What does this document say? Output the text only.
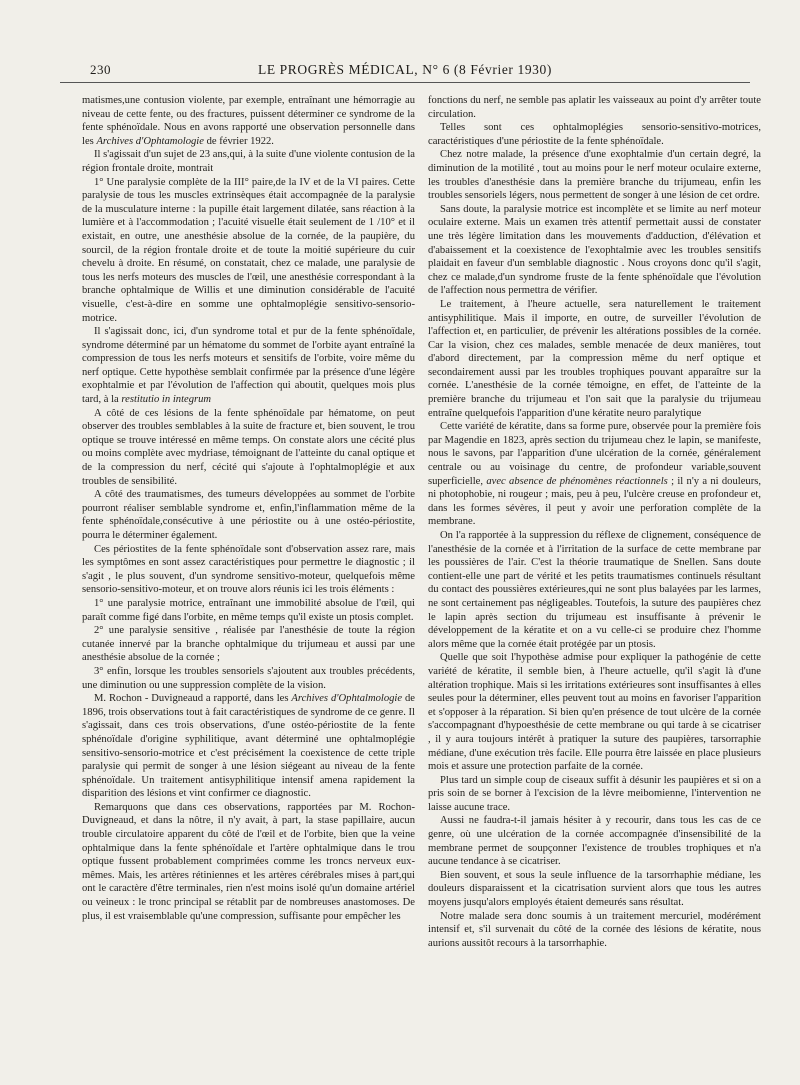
230	LE PROGRÈS MÉDICAL, N° 6 (8 Février 1930)

matismes,une contusion violente, par exemple, entraînant une hémorragie au niveau de cette fente, ou des fractures, puissent déterminer ce syndrome de la fente sphénoïdale. Nous en avons rapporté une observation personnelle dans les Archives d'Ophtamologie de février 1922.

Il s'agissait d'un sujet de 23 ans,qui, à la suite d'une violente contusion de la région frontale droite, montrait

1° Une paralysie complète de la III° paire,de la IV et de la VI paires. Cette paralysie de tous les muscles extrinsèques était accompagnée de la paralysie de la musculature interne : la pupille était largement dilatée, sans réaction à la lumière et à l'accommodation ; l'acuité visuelle était seulement de 1 /10° et il existait, en outre, une anesthésie absolue de la cornée, de la paupière, du sourcil, de la région frontale droite et de toute la moitié supérieure du cuir chevelu à droite. En résumé, on constatait, chez ce malade, une paralysie de tous les nerfs moteurs des muscles de l'œil, une anesthésie correspondant à la branche ophtalmique de Willis et une diminution considérable de l'acuité visuelle, c'est-à-dire en somme une ophtalmoplégie sensitivo-sensorio-motrice.

Il s'agissait donc, ici, d'un syndrome total et pur de la fente sphénoïdale, syndrome déterminé par un hématome du sommet de l'orbite ayant entraîné la compression de tous les nerfs moteurs et sensitifs de l'orbite, voire même du nerf optique. Cette hypothèse semblait confirmée par la présence d'une légère exophtalmie et par l'évolution de l'affection qui aboutit, quelques mois plus tard, à la restitutio in integrum

A côté de ces lésions de la fente sphénoïdale par hématome, on peut observer des troubles semblables à la suite de fracture et, bien souvent, le trou optique se trouve intéressé en même temps. On constate alors une cécité plus ou moins complète avec mydriase, témoignant de l'atteinte du canal optique et de la compression du nerf, cécité qui s'ajoute à l'ophtalmoplégie et aux troubles de sensibilité.

A côté des traumatismes, des tumeurs développées au sommet de l'orbite pourront réaliser semblable syndrome et, enfin,l'inflammation même de la fente sphénoïdale,consécutive à une périostite ou à une ostéo-périostite, pourra le déterminer également.

Ces périostites de la fente sphénoïdale sont d'observation assez rare, mais les symptômes en sont assez caractéristiques pour permettre le diagnostic ; il s'agit , le plus souvent, d'un syndrome sensitivo-moteur, quelquefois même sensorio-sensitivo-moteur, et on trouve alors réunis ici les trois éléments :

1° une paralysie motrice, entraînant une immobilité absolue de l'œil, qui paraît comme figé dans l'orbite, en même temps qu'il existe un ptosis complet.

2° une paralysie sensitive , réalisée par l'anesthésie de toute la région cutanée innervé par la branche ophtalmique du trijumeau et aussi par une anesthésie absolue de la cornée ;

3° enfin, lorsque les troubles sensoriels s'ajoutent aux troubles précédents, une diminution ou une suppression complète de la vision.

M. Rochon - Duvigneaud a rapporté, dans les Archives d'Ophtalmologie de 1896, trois observations tout à fait caractéristiques de syndrome de ce genre. Il s'agissait, dans ces trois observations, d'une ostéo-périostite de la fente sphénoïdale d'origine syphilitique, avant déterminé une ophtalmoplégie sensitivo-sensorio-motrice et c'est précisément la coexistence de cette triple paralysie qui permit de songer à une lésion siégeant au niveau de la fente sphénoïdale. Un traitement antisyphilitique intensif amena rapidement la disparition des lésions et vint confirmer ce diagnostic.

Remarquons que dans ces observations, rapportées par M. Rochon-Duvigneaud, et dans la nôtre, il n'y avait, à part, la stase papillaire, aucun trouble circulatoire apparent du côté de l'œil et de l'orbite, bien que la veine ophtalmique dans la fente sphénoïdale et l'artère ophtalmique dans le trou optique fussent probablement comprimées comme les troncs nerveux eux-mêmes. Mais, les artères rétiniennes et les artères cérébrales mises à part,qui ont le caractère d'être terminales, rien n'est moins isolé qu'un domaine artériel ou veineux : le tronc principal se rétablit par de nombreuses anastomoses. De plus, il est vraisemblable qu'une compression, suffisante pour empêcher les

fonctions du nerf, ne semble pas aplatir les vaisseaux au point d'y arrêter toute circulation.

Telles sont ces ophtalmoplégies sensorio-sensitivo-motrices, caractéristiques d'une périostite de la fente sphénoïdale.

Chez notre malade, la présence d'une exophtalmie d'un certain degré, la diminution de la motilité , tout au moins pour le nerf moteur oculaire externe, les troubles d'anesthésie dans la première branche du trijumeau, enfin les troubles sensoriels légers, nous permettent de songer à une lésion de cet ordre.

Sans doute, la paralysie motrice est incomplète et se limite au nerf moteur oculaire externe. Mais un examen très attentif permettait aussi de constater une très légère limitation dans les mouvements d'adduction, d'élévation et d'abaissement et la coexistence de l'exophtalmie avec les troubles sensitifs plaidait en faveur d'un semblable diagnostic . Nous croyons donc qu'il s'agit, chez ce malade,d'un syndrome fruste de la fente sphénoïdale que l'évolution de l'affection nous permettra de vérifier.

Le traitement, à l'heure actuelle, sera naturellement le traitement antisyphilitique. Mais il importe, en outre, de surveiller l'évolution de l'affection et, en particulier, de prévenir les altérations possibles de la cornée. Car la vision, chez ces malades, semble menacée de deux manières, tout d'abord directement, par la compression même du nerf optique et secondairement aussi par les troubles trophiques pouvant apparaître sur la cornée. L'anesthésie de la cornée témoigne, en effet, de l'atteinte de la première branche du trijumeau et l'on sait que la paralysie du trijumeau entraîne quelquefois l'apparition d'une kératite neuro paralytique

Cette variété de kératite, dans sa forme pure, observée pour la première fois par Magendie en 1823, après section du trijumeau chez le lapin, se manifeste, nous le savons, par l'apparition d'une ulcération de la cornée, généralement centrale ou au voisinage du centre, de profondeur variable,souvent superficielle, avec absence de phénomènes réactionnels ; il n'y a ni douleurs, ni photophobie, ni rougeur ; mais, peu à peu, l'ulcère creuse en profondeur et, dans les formes sévères, il peut y avoir une perforation complète de la membrane.

On l'a rapportée à la suppression du réflexe de clignement, conséquence de l'anesthésie de la cornée et à l'irritation de la surface de cette membrane par les poussières de l'air. C'est la théorie traumatique de Snellen. Sans doute contient-elle une part de vérité et les petits traumatismes continuels résultant du contact des poussières extérieures,qui ne sont plus balayées par les larmes, ne sont certainement pas négligeables. Toutefois, la suture des paupières chez le lapin après section du trijumeau est insuffisante à prévenir le développement de la kératite et on a vu celle-ci se produire chez l'homme alors même que la cornée était protégée par un ptosis.

Quelle que soit l'hypothèse admise pour expliquer la pathogénie de cette variété de kératite, il semble bien, à l'heure actuelle, qu'il s'agit là d'une altération trophique. Mais si les irritations extérieures sont insuffisantes à elles seules pour la déterminer, elles peuvent tout au moins en favoriser l'apparition et s'opposer à la réparation. Si bien qu'en présence de tout ulcère de la cornée s'accompagnant d'hypoesthésie de cette membrane ou qui tarde à se cicatriser , il y aura toujours intérêt à pratiquer la suture des paupières, tarsorraphie médiane, d'une exécution très facile. Elle pourra être laissée en place plusieurs mois et assure une protection parfaite de la cornée.

Plus tard un simple coup de ciseaux suffit à désunir les paupières et si on a pris soin de se borner à l'excision de la lèvre meibomienne, l'intervention ne laisse aucune trace.

Aussi ne faudra-t-il jamais hésiter à y recourir, dans tous les cas de ce genre, où une ulcération de la cornée accompagnée d'insensibilité de la membrane permet de soupçonner l'existence de troubles trophiques et n'a aucune tendance à se cicatriser.

Bien souvent, et sous la seule influence de la tarsorrhaphie médiane, les douleurs disparaissent et la cicatrisation survient alors que tous les autres moyens jusqu'alors employés étaient demeurés sans résultat.

Notre malade sera donc soumis à un traitement mercuriel, modérément intensif et, s'il survenait du côté de la cornée des lésions de kératite, nous aurions aussitôt recours à la tarsorrhaphie.
